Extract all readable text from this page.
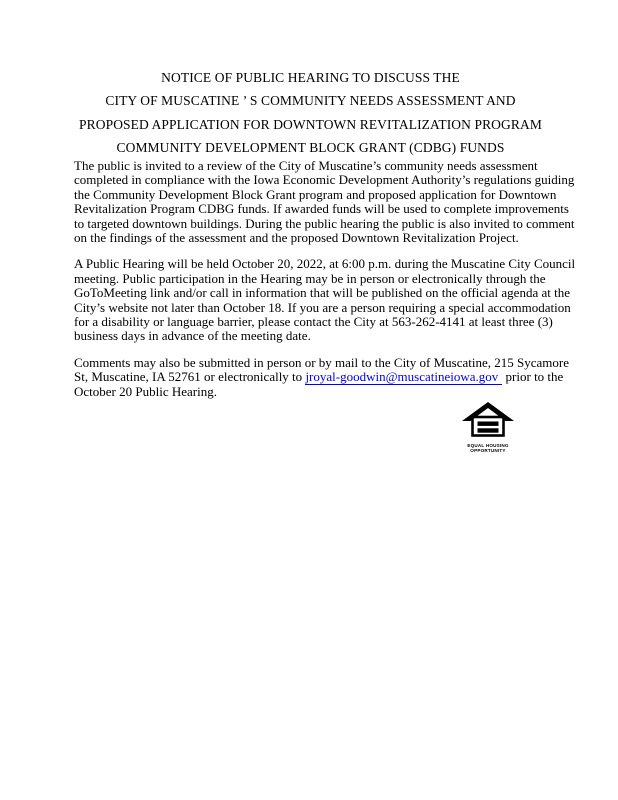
NOTICE OF PUBLIC HEARING TO DISCUSS THE
CITY OF MUSCATINE ’ S COMMUNITY NEEDS ASSESSMENT AND
PROPOSED APPLICATION FOR DOWNTOWN REVITALIZATION PROGRAM
COMMUNITY DEVELOPMENT BLOCK GRANT (CDBG) FUNDS
The public is invited to a review of the City of Muscatine’s community needs assessment
completed in compliance with the Iowa Economic Development Authority’s regulations guiding
the Community Development Block Grant program and proposed application for Downtown
Revitalization Program CDBG funds. If awarded funds will be used to complete improvements
to targeted downtown buildings. During the public hearing the public is also invited to comment
on the findings of the assessment and the proposed Downtown Revitalization Project.
A Public Hearing will be held October 20, 2022, at 6:00 p.m. during the Muscatine City Council
meeting. Public participation in the Hearing may be in person or electronically through the
GoToMeeting link and/or call in information that will be published on the official agenda at the
City’s website not later than October 18. If you are a person requiring a special accommodation
for a disability or language barrier, please contact the City at 563-262-4141 at least three (3)
business days in advance of the meeting date.
Comments may also be submitted in person or by mail to the City of Muscatine, 215 Sycamore
St, Muscatine, IA 52761 or electronically to jroyal-goodwin@muscatineiowa.gov prior to the
October 20 Public Hearing.
EQUAL HOUSING
OPPORTUNITY
